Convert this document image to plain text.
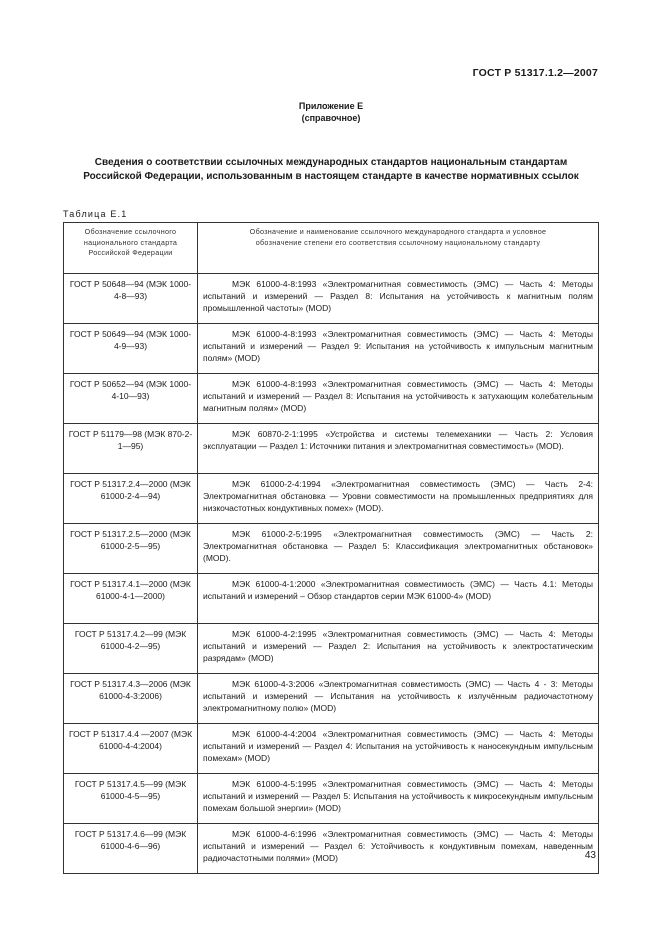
ГОСТ Р 51317.1.2—2007
Приложение Е
(справочное)
Сведения о соответствии ссылочных международных стандартов национальным стандартам Российской Федерации, использованным в настоящем стандарте в качестве нормативных ссылок
Таблица Е.1
Обозначение ссылочного национального стандарта Российской Федерации	Обозначение и наименование ссылочного международного стандарта и условное обозначение степени его соответствия ссылочному национальному стандарту
ГОСТ Р 50648—94 (МЭК 1000-4-8—93)	МЭК 61000-4-8:1993 «Электромагнитная совместимость (ЭМС) — Часть 4: Методы испытаний и измерений — Раздел 8: Испытания на устойчивость к магнитным полям промышленной частоты» (MOD)
ГОСТ Р 50649—94 (МЭК 1000-4-9—93)	МЭК 61000-4-8:1993 «Электромагнитная совместимость (ЭМС) — Часть 4: Методы испытаний и измерений — Раздел 9: Испытания на устойчивость к импульсным магнитным полям» (MOD)
ГОСТ Р 50652—94 (МЭК 1000-4-10—93)	МЭК 61000-4-8:1993 «Электромагнитная совместимость (ЭМС) — Часть 4: Методы испытаний и измерений — Раздел 8: Испытания на устойчивость к затухающим колебательным магнитным полям» (MOD)
ГОСТ Р 51179—98 (МЭК 870-2-1—95)	МЭК 60870-2-1:1995 «Устройства и системы телемеханики — Часть 2: Условия эксплуатации — Раздел 1: Источники питания и электромагнитная совместимость» (MOD).
ГОСТ Р 51317.2.4—2000 (МЭК 61000-2-4—94)	МЭК 61000-2-4:1994 «Электромагнитная совместимость (ЭМС) — Часть 2-4: Электромагнитная обстановка — Уровни совместимости на промышленных предприятиях для низкочастотных кондуктивных помех» (MOD).
ГОСТ Р 51317.2.5—2000 (МЭК 61000-2-5—95)	МЭК 61000-2-5:1995 «Электромагнитная совместимость (ЭМС) — Часть 2: Электромагнитная обстановка — Раздел 5: Классификация электромагнитных обстановок» (MOD).
ГОСТ Р 51317.4.1—2000 (МЭК 61000-4-1—2000)	МЭК 61000-4-1:2000 «Электромагнитная совместимость (ЭМС) — Часть 4.1: Методы испытаний и измерений – Обзор стандартов серии МЭК 61000-4» (MOD)
ГОСТ Р 51317.4.2—99 (МЭК 61000-4-2—95)	МЭК 61000-4-2:1995 «Электромагнитная совместимость (ЭМС) — Часть 4: Методы испытаний и измерений — Раздел 2: Испытания на устойчивость к электростатическим разрядам» (MOD)
ГОСТ Р 51317.4.3—2006 (МЭК 61000-4-3:2006)	МЭК 61000-4-3:2006 «Электромагнитная совместимость (ЭМС) — Часть 4 - 3: Методы испытаний и измерений — Испытания на устойчивость к излучённым радиочастотному электромагнитному полю» (MOD)
ГОСТ Р 51317.4.4 —2007 (МЭК 61000-4-4:2004)	МЭК 61000-4-4:2004 «Электромагнитная совместимость (ЭМС) — Часть 4: Методы испытаний и измерений — Раздел 4: Испытания на устойчивость к наносекундным импульсным помехам» (MOD)
ГОСТ Р 51317.4.5—99 (МЭК 61000-4-5—95)	МЭК 61000-4-5:1995 «Электромагнитная совместимость (ЭМС) — Часть 4: Методы испытаний и измерений — Раздел 5: Испытания на устойчивость к микросекундным импульсным помехам большой энергии» (MOD)
ГОСТ Р 51317.4.6—99 (МЭК 61000-4-6—96)	МЭК 61000-4-6:1996 «Электромагнитная совместимость (ЭМС) — Часть 4: Методы испытаний и измерений — Раздел 6: Устойчивость к кондуктивным помехам, наведенным радиочастотными полями» (MOD)	43
